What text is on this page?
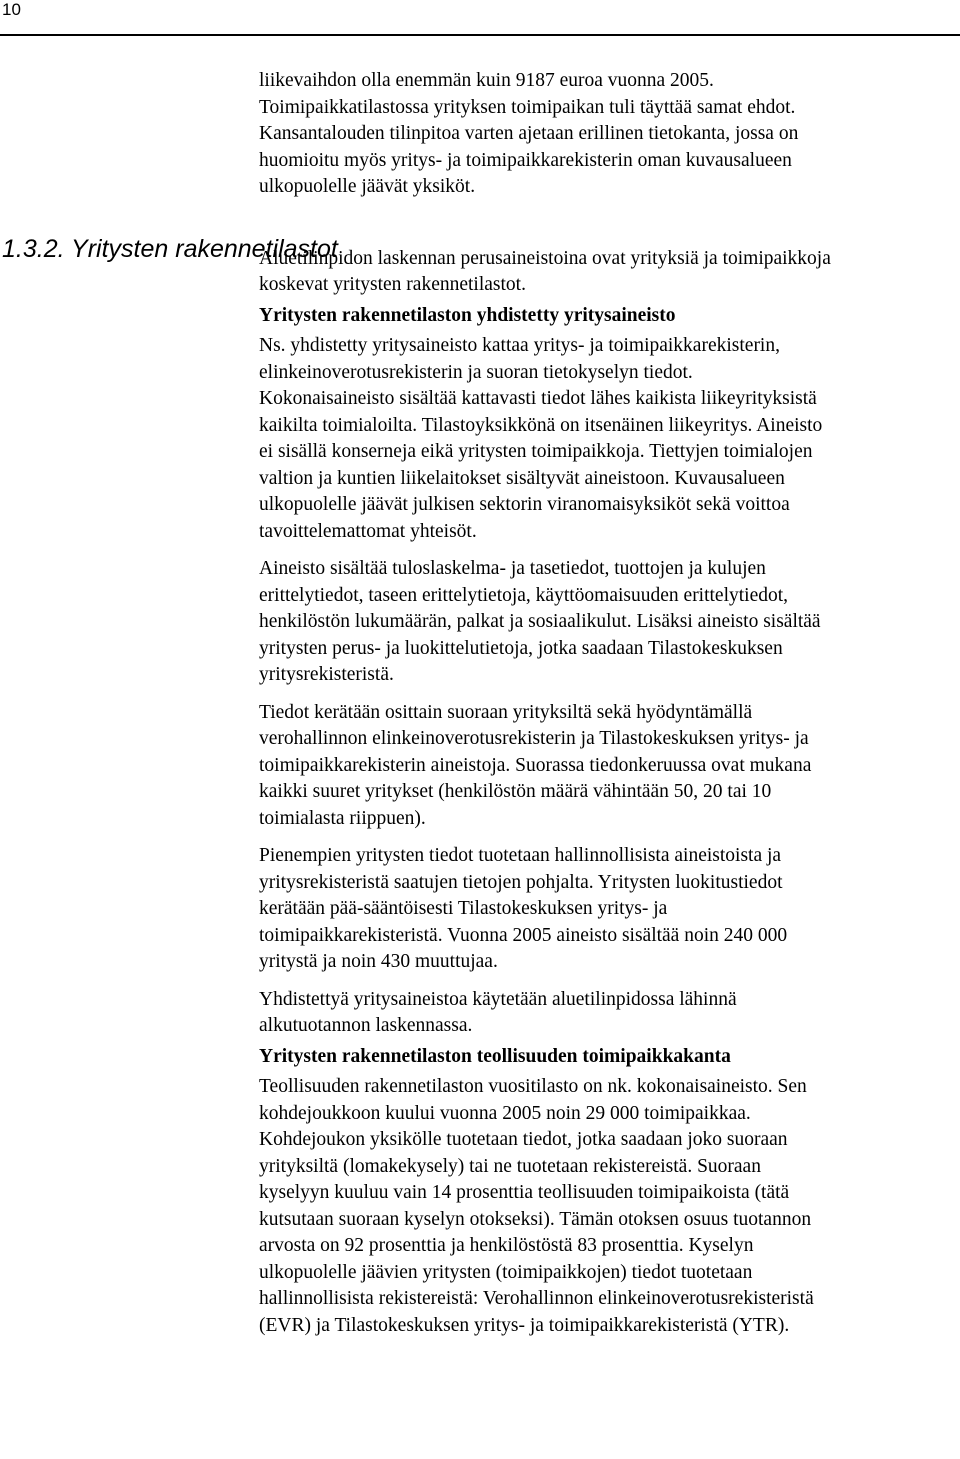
10
1.3.2. Yritysten rakennetilastot

liikevaihdon olla enemmän kuin 9187 euroa vuonna 2005.
Toimipaikkatilastossa yrityksen toimipaikan tuli täyttää samat ehdot.
Kansantalouden tilinpitoa varten ajetaan erillinen tietokanta, jossa on
huomioitu myös yritys- ja toimipaikkarekisterin oman kuvausalueen
ulkopuolelle jäävät yksiköt.

Aluetilinpidon laskennan perusaineistoina ovat yrityksiä ja toimipaikkoja
koskevat yritysten rakennetilastot.

Yritysten rakennetilaston yhdistetty yritysaineisto

Ns. yhdistetty yritysaineisto kattaa yritys- ja toimipaikkarekisterin,
elinkeinoverotusrekisterin ja suoran tietokyselyn tiedot.
Kokonaisaineisto sisältää kattavasti tiedot lähes kaikista liikeyrityksistä
kaikilta toimialoilta. Tilastoyksikkönä on itsenäinen liikeyritys. Aineisto
ei sisällä konserneja eikä yritysten toimipaikkoja. Tiettyjen toimialojen
valtion ja kuntien liikelaitokset sisältyvät aineistoon. Kuvausalueen
ulkopuolelle jäävät julkisen sektorin viranomaisyksiköt sekä voittoa
tavoittelemattomat yhteisöt.

Aineisto sisältää tuloslaskelma- ja tasetiedot, tuottojen ja kulujen
erittelytiedot, taseen erittelytietoja, käyttöomaisuuden erittelytiedot,
henkilöstön lukumäärän, palkat ja sosiaalikulut. Lisäksi aineisto sisältää
yritysten perus- ja luokittelutietoja, jotka saadaan Tilastokeskuksen
yritysrekisteristä.

Tiedot kerätään osittain suoraan yrityksiltä sekä hyödyntämällä
verohallinnon elinkeinoverotusrekisterin ja Tilastokeskuksen yritys- ja
toimipaikkarekisterin aineistoja. Suorassa tiedonkeruussa ovat mukana
kaikki suuret yritykset (henkilöstön määrä vähintään 50, 20 tai 10
toimialasta riippuen).

Pienempien yritysten tiedot tuotetaan hallinnollisista aineistoista ja
yritysrekisteristä saatujen tietojen pohjalta. Yritysten luokitustiedot
kerätään pää-sääntöisesti Tilastokeskuksen yritys- ja
toimipaikkarekisteristä. Vuonna 2005 aineisto sisältää noin 240 000
yritystä ja noin 430 muuttujaa.

Yhdistettyä yritysaineistoa käytetään aluetilinpidossa lähinnä
alkutuotannon laskennassa.

Yritysten rakennetilaston teollisuuden toimipaikkakanta

Teollisuuden rakennetilaston vuositilasto on nk. kokonaisaineisto. Sen
kohdejoukkoon kuului vuonna 2005 noin 29 000 toimipaikkaa.
Kohdejoukon yksikölle tuotetaan tiedot, jotka saadaan joko suoraan
yrityksiltä (lomakekysely) tai ne tuotetaan rekistereistä. Suoraan
kyselyyn kuuluu vain 14 prosenttia teollisuuden toimipaikoista (tätä
kutsutaan suoraan kyselyn otokseksi). Tämän otoksen osuus tuotannon
arvosta on 92 prosenttia ja henkilöstöstä 83 prosenttia. Kyselyn
ulkopuolelle jäävien yritysten (toimipaikkojen) tiedot tuotetaan
hallinnollisista rekistereistä: Verohallinnon elinkeinoverotusrekisteristä
(EVR) ja Tilastokeskuksen yritys- ja toimipaikkarekisteristä (YTR).
